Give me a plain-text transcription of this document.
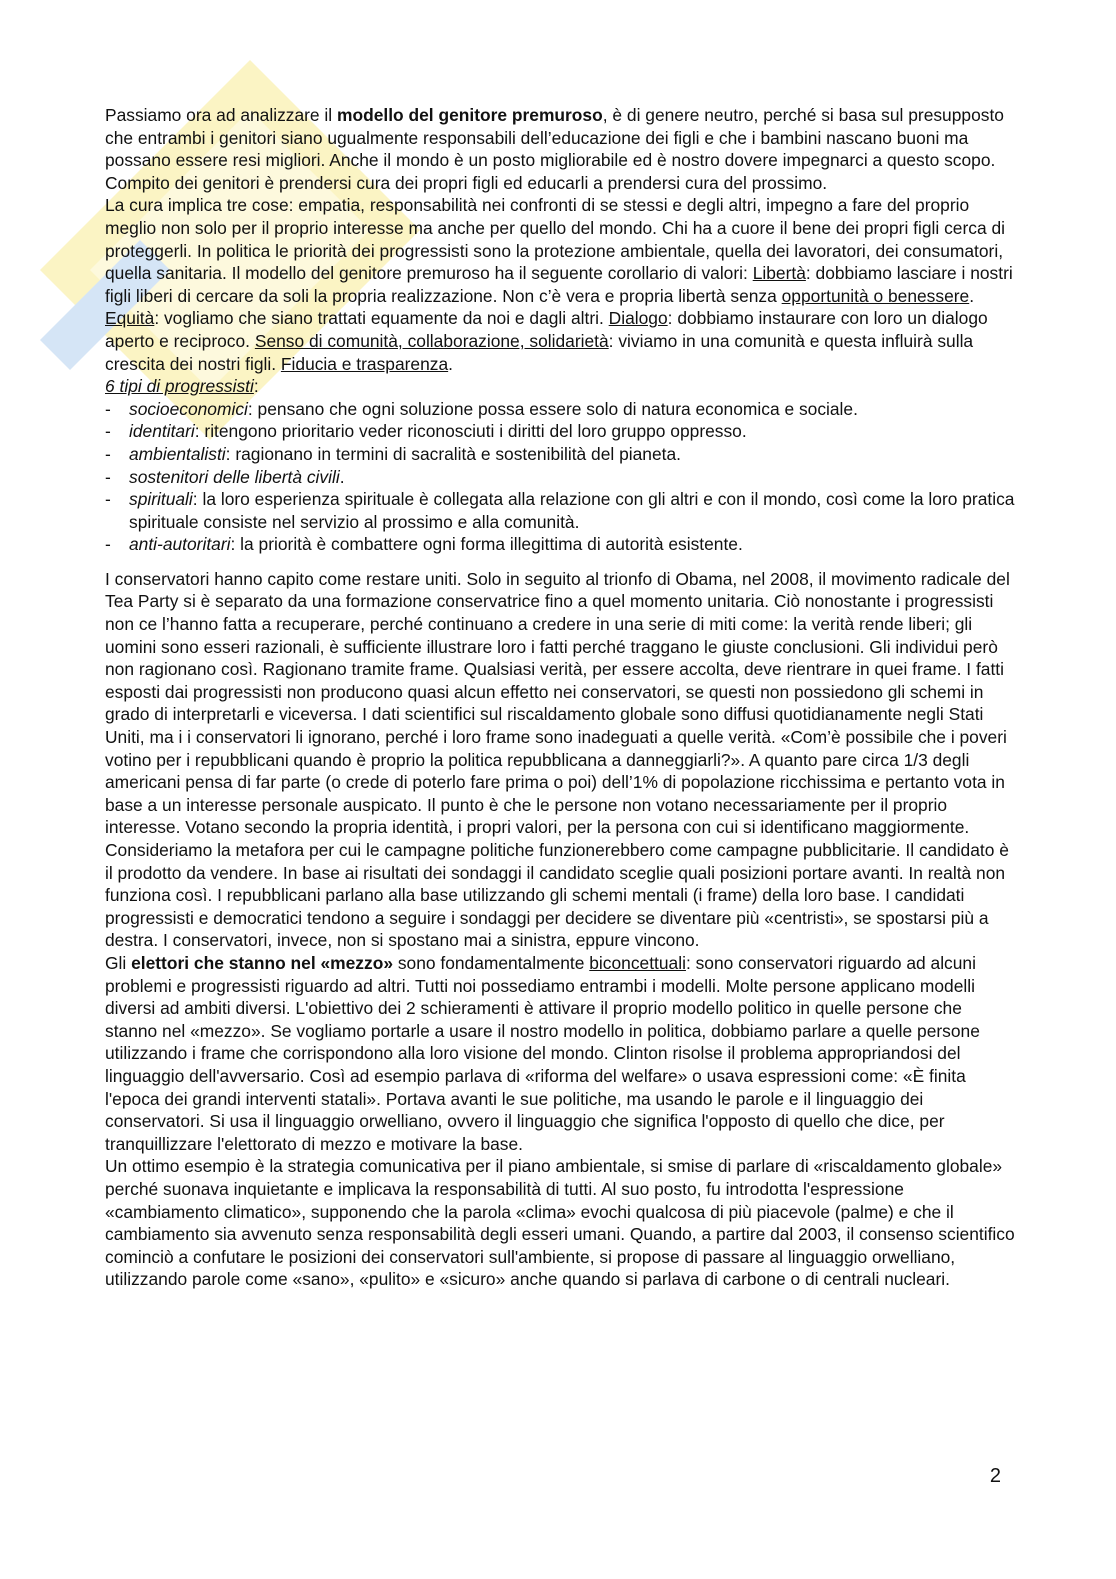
Passiamo ora ad analizzare il modello del genitore premuroso, è di genere neutro, perché si basa sul presupposto che entrambi i genitori siano ugualmente responsabili dell’educazione dei figli e che i bambini nascano buoni ma possano essere resi migliori. Anche il mondo è un posto migliorabile ed è nostro dovere impegnarci a questo scopo. Compito dei genitori è prendersi cura dei propri figli ed educarli a prendersi cura del prossimo.

La cura implica tre cose: empatia, responsabilità nei confronti di se stessi e degli altri, impegno a fare del proprio meglio non solo per il proprio interesse ma anche per quello del mondo. Chi ha a cuore il bene dei propri figli cerca di proteggerli. In politica le priorità dei progressisti sono la protezione ambientale, quella dei lavoratori, dei consumatori, quella sanitaria. Il modello del genitore premuroso ha il seguente corollario di valori: Libertà: dobbiamo lasciare i nostri figli liberi di cercare da soli la propria realizzazione. Non c’è vera e propria libertà senza opportunità o benessere. Equità: vogliamo che siano trattati equamente da noi e dagli altri. Dialogo: dobbiamo instaurare con loro un dialogo aperto e reciproco. Senso di comunità, collaborazione, solidarietà: viviamo in una comunità e questa influirà sulla crescita dei nostri figli. Fiducia e trasparenza.

6 tipi di progressisti:

- socioeconomici: pensano che ogni soluzione possa essere solo di natura economica e sociale.
- identitari: ritengono prioritario veder riconosciuti i diritti del loro gruppo oppresso.
- ambientalisti: ragionano in termini di sacralità e sostenibilità del pianeta.
- sostenitori delle libertà civili.
- spirituali: la loro esperienza spirituale è collegata alla relazione con gli altri e con il mondo, così come la loro pratica spirituale consiste nel servizio al prossimo e alla comunità.
- anti-autoritari: la priorità è combattere ogni forma illegittima di autorità esistente.

I conservatori hanno capito come restare uniti. Solo in seguito al trionfo di Obama, nel 2008, il movimento radicale del Tea Party si è separato da una formazione conservatrice fino a quel momento unitaria. Ciò nonostante i progressisti non ce l’hanno fatta a recuperare, perché continuano a credere in una serie di miti come: la verità rende liberi; gli uomini sono esseri razionali, è sufficiente illustrare loro i fatti perché traggano le giuste conclusioni. Gli individui però non ragionano così. Ragionano tramite frame. Qualsiasi verità, per essere accolta, deve rientrare in quei frame. I fatti esposti dai progressisti non producono quasi alcun effetto nei conservatori, se questi non possiedono gli schemi in grado di interpretarli e viceversa. I dati scientifici sul riscaldamento globale sono diffusi quotidianamente negli Stati Uniti, ma i i conservatori li ignorano, perché i loro frame sono inadeguati a quelle verità. «Com’è possibile che i poveri votino per i repubblicani quando è proprio la politica repubblicana a danneggiarli?». A quanto pare circa 1/3 degli americani pensa di far parte (o crede di poterlo fare prima o poi) dell’1% di popolazione ricchissima e pertanto vota in base a un interesse personale auspicato. Il punto è che le persone non votano necessariamente per il proprio interesse. Votano secondo la propria identità, i propri valori, per la persona con cui si identificano maggiormente.

Consideriamo la metafora per cui le campagne politiche funzionerebbero come campagne pubblicitarie. Il candidato è il prodotto da vendere. In base ai risultati dei sondaggi il candidato sceglie quali posizioni portare avanti. In realtà non funziona così. I repubblicani parlano alla base utilizzando gli schemi mentali (i frame) della loro base. I candidati progressisti e democratici tendono a seguire i sondaggi per decidere se diventare più «centristi», se spostarsi più a destra. I conservatori, invece, non si spostano mai a sinistra, eppure vincono.

Gli elettori che stanno nel «mezzo» sono fondamentalmente biconcettuali: sono conservatori riguardo ad alcuni problemi e progressisti riguardo ad altri. Tutti noi possediamo entrambi i modelli. Molte persone applicano modelli diversi ad ambiti diversi. L'obiettivo dei 2 schieramenti è attivare il proprio modello politico in quelle persone che stanno nel «mezzo». Se vogliamo portarle a usare il nostro modello in politica, dobbiamo parlare a quelle persone utilizzando i frame che corrispondono alla loro visione del mondo. Clinton risolse il problema appropriandosi del linguaggio dell'avversario. Così ad esempio parlava di «riforma del welfare» o usava espressioni come: «È finita l'epoca dei grandi interventi statali». Portava avanti le sue politiche, ma usando le parole e il linguaggio dei conservatori. Si usa il linguaggio orwelliano, ovvero il linguaggio che significa l'opposto di quello che dice, per tranquillizzare l'elettorato di mezzo e motivare la base.

Un ottimo esempio è la strategia comunicativa per il piano ambientale, si smise di parlare di «riscaldamento globale» perché suonava inquietante e implicava la responsabilità di tutti. Al suo posto, fu introdotta l'espressione «cambiamento climatico», supponendo che la parola «clima» evochi qualcosa di più piacevole (palme) e che il cambiamento sia avvenuto senza responsabilità degli esseri umani. Quando, a partire dal 2003, il consenso scientifico cominciò a confutare le posizioni dei conservatori sull'ambiente, si propose di passare al linguaggio orwelliano, utilizzando parole come «sano», «pulito» e «sicuro» anche quando si parlava di carbone o di centrali nucleari.

2
